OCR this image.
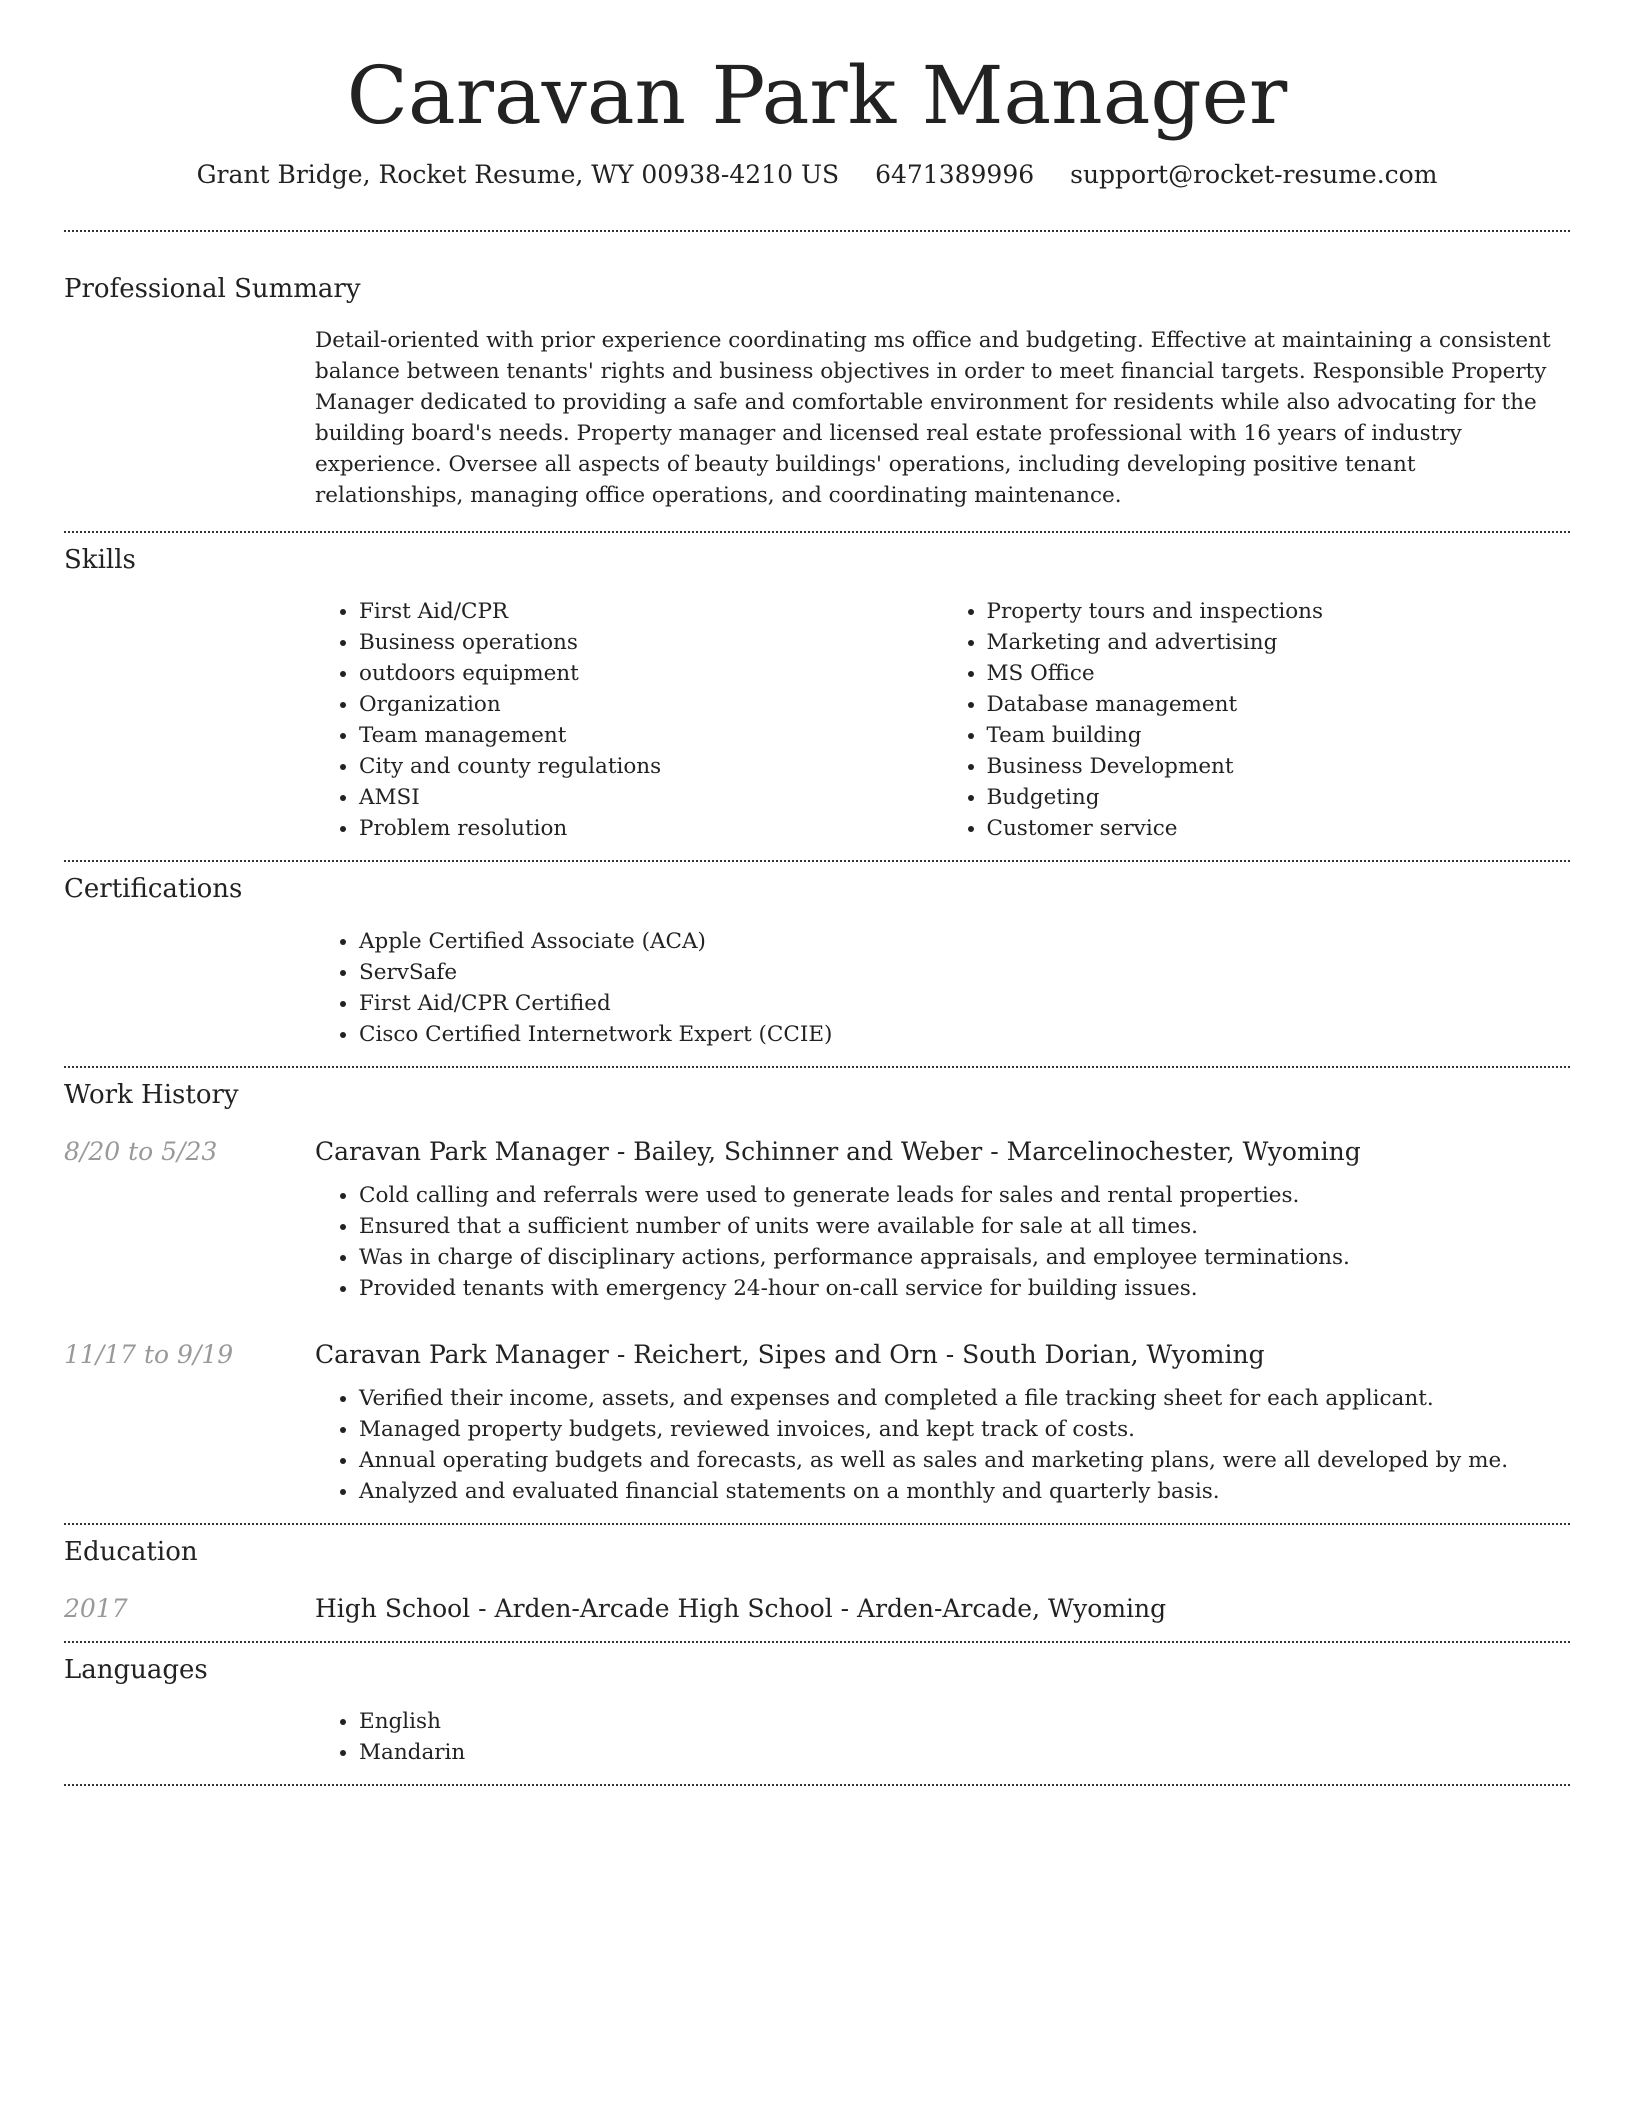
Caravan Park Manager
Grant Bridge, Rocket Resume, WY 00938-4210 US 6471389996 support@rocket-resume.com
Professional Summary

Detail-oriented with prior experience coordinating ms office and budgeting. Effective at maintaining a consistent balance between tenants' rights and business objectives in order to meet financial targets. Responsible Property Manager dedicated to providing a safe and comfortable environment for residents while also advocating for the building board's needs. Property manager and licensed real estate professional with 16 years of industry experience. Oversee all aspects of beauty buildings' operations, including developing positive tenant relationships, managing office operations, and coordinating maintenance.

Skills
• First Aid/CPR
• Business operations
• outdoors equipment
• Organization
• Team management
• City and county regulations
• AMSI
• Problem resolution
• Property tours and inspections
• Marketing and advertising
• MS Office
• Database management
• Team building
• Business Development
• Budgeting
• Customer service
Certifications
• Apple Certified Associate (ACA)
• ServSafe
• First Aid/CPR Certified
• Cisco Certified Internetwork Expert (CCIE)
Work History
8/20 to 5/23	Caravan Park Manager - Bailey, Schinner and Weber - Marcelinochester, Wyoming
• Cold calling and referrals were used to generate leads for sales and rental properties.
• Ensured that a sufficient number of units were available for sale at all times.
• Was in charge of disciplinary actions, performance appraisals, and employee terminations.
• Provided tenants with emergency 24-hour on-call service for building issues.
11/17 to 9/19	Caravan Park Manager - Reichert, Sipes and Orn - South Dorian, Wyoming
• Verified their income, assets, and expenses and completed a file tracking sheet for each applicant.
• Managed property budgets, reviewed invoices, and kept track of costs.
• Annual operating budgets and forecasts, as well as sales and marketing plans, were all developed by me.
• Analyzed and evaluated financial statements on a monthly and quarterly basis.
Education
2017	High School - Arden-Arcade High School - Arden-Arcade, Wyoming
Languages
• English
• Mandarin
